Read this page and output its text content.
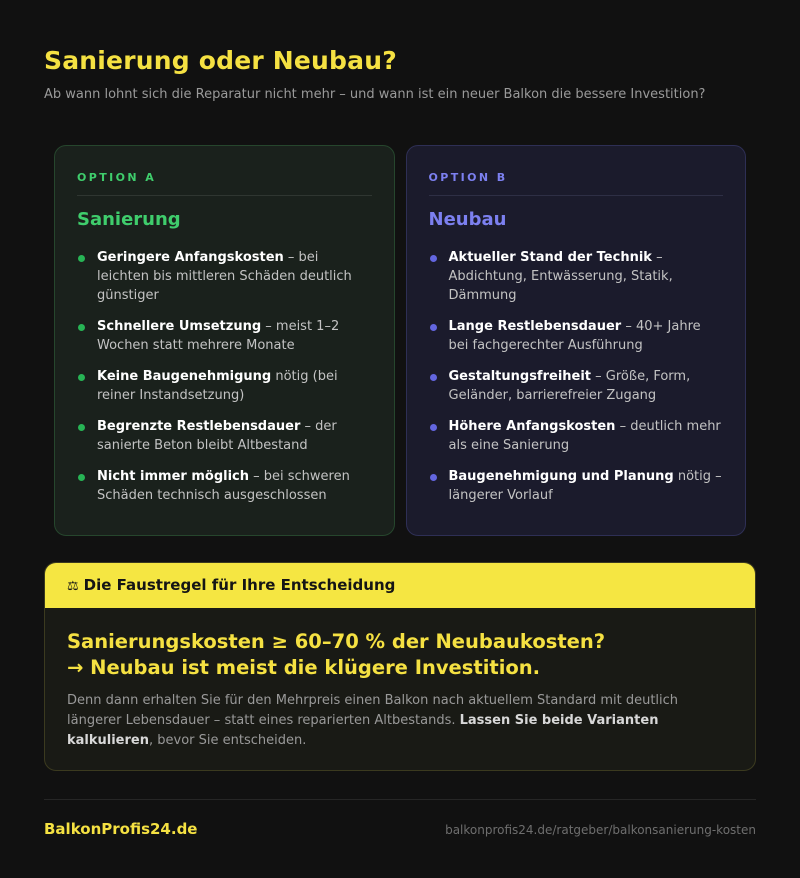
Sanierung oder Neubau?

Ab wann lohnt sich die Reparatur nicht mehr – und wann ist ein neuer Balkon die bessere Investition?

OPTION A
Sanierung
Geringere Anfangskosten – bei leichten bis mittleren Schäden deutlich günstiger
Schnellere Umsetzung – meist 1–2 Wochen statt mehrere Monate
Keine Baugenehmigung nötig (bei reiner Instandsetzung)
Begrenzte Restlebensdauer – der sanierte Beton bleibt Altbestand
Nicht immer möglich – bei schweren Schäden technisch ausgeschlossen
OPTION B
Neubau
Aktueller Stand der Technik – Abdichtung, Entwässerung, Statik, Dämmung
Lange Restlebensdauer – 40+ Jahre bei fachgerechter Ausführung
Gestaltungsfreiheit – Größe, Form, Geländer, barrierefreier Zugang
Höhere Anfangskosten – deutlich mehr als eine Sanierung
Baugenehmigung und Planung nötig – längerer Vorlauf
⚖ Die Faustregel für Ihre Entscheidung
Sanierungskosten ≥ 60–70 % der Neubaukosten?
→ Neubau ist meist die klügere Investition.

Denn dann erhalten Sie für den Mehrpreis einen Balkon nach aktuellem Standard mit deutlich längerer Lebensdauer – statt eines reparierten Altbestands. Lassen Sie beide Varianten kalkulieren, bevor Sie entscheiden.

BalkonProfis24.de	balkonprofis24.de/ratgeber/balkonsanierung-kosten
